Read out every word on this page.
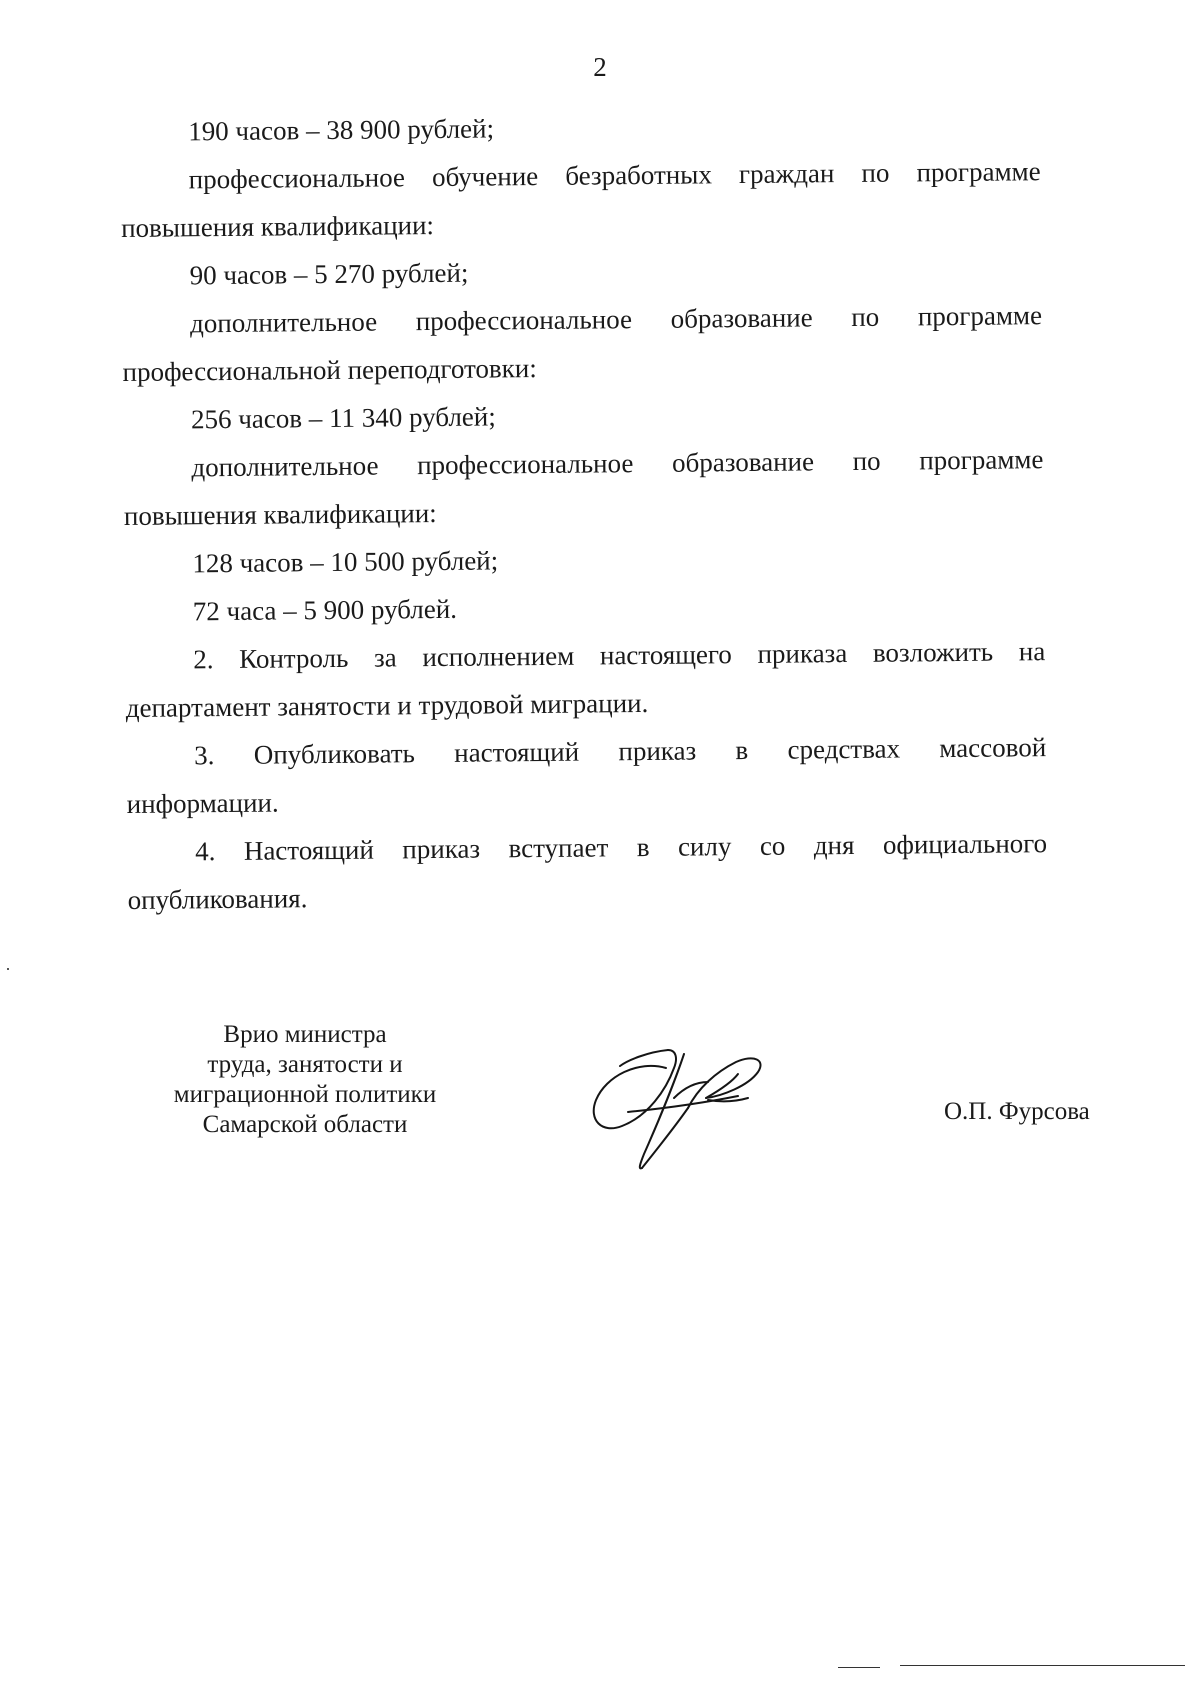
2
190 часов – 38 900 рублей;
профессиональное обучение безработных граждан по программе
повышения квалификации:
90 часов – 5 270 рублей;
дополнительное профессиональное образование по программе
профессиональной переподготовки:
256 часов – 11 340 рублей;
дополнительное профессиональное образование по программе
повышения квалификации:
128 часов – 10 500 рублей;
72 часа – 5 900 рублей.
2. Контроль за исполнением настоящего приказа возложить на
департамент занятости и трудовой миграции.
3. Опубликовать настоящий приказ в средствах массовой
информации.
4. Настоящий приказ вступает в силу со дня официального
опубликования.
Врио министра
труда, занятости и
миграционной политики
Самарской области	О.П. Фурсова
